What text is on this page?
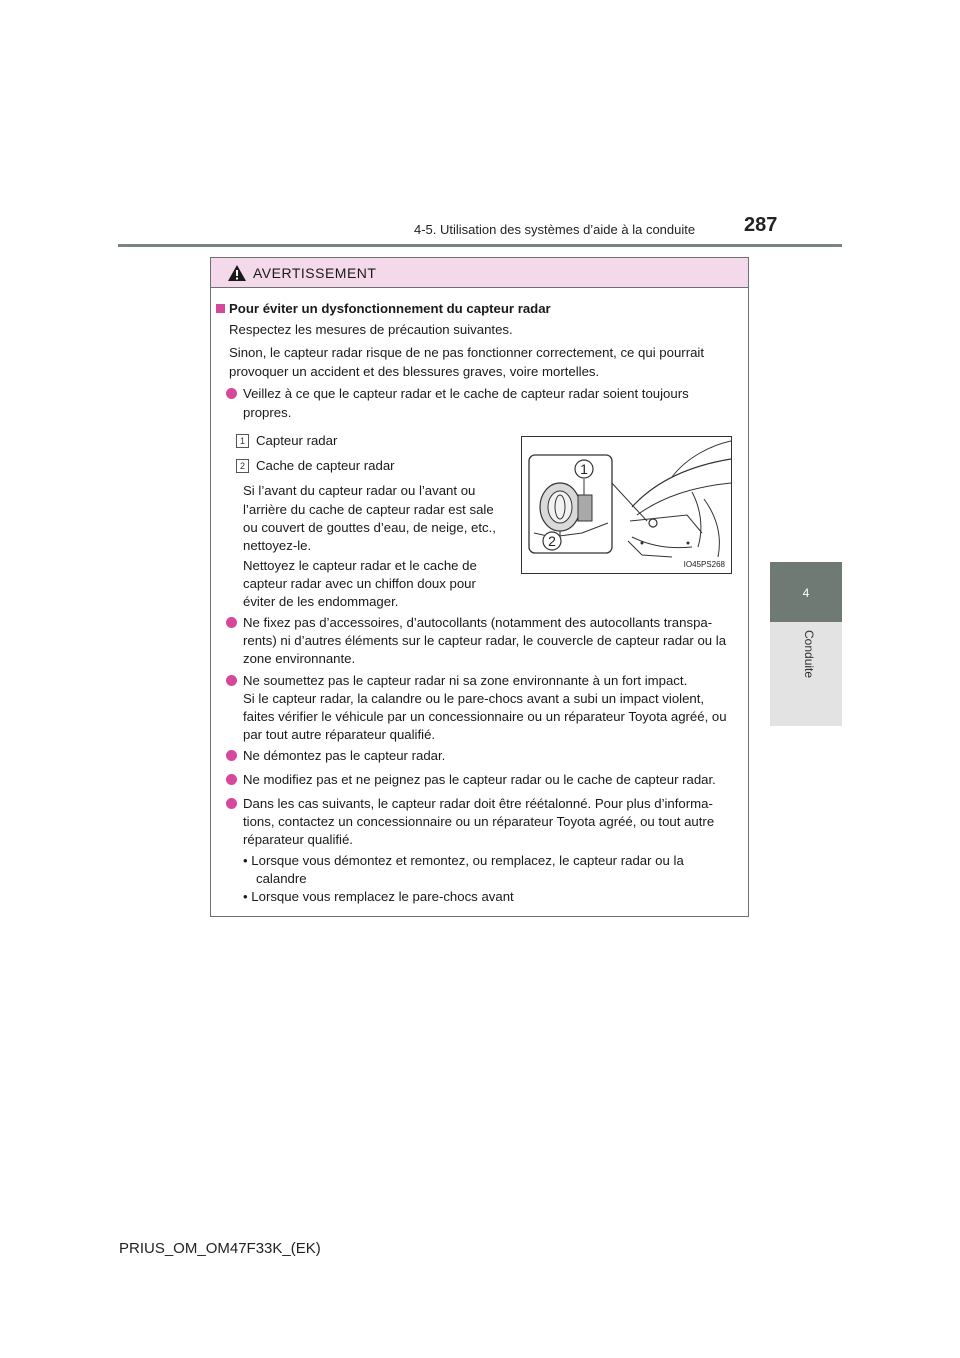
4-5. Utilisation des systèmes d’aide à la conduite 287
4
Conduite
AVERTISSEMENT
Pour éviter un dysfonctionnement du capteur radar
Respectez les mesures de précaution suivantes.
Sinon, le capteur radar risque de ne pas fonctionner correctement, ce qui pourrait
provoquer un accident et des blessures graves, voire mortelles.
Veillez à ce que le capteur radar et le cache de capteur radar soient toujours
propres.
1 Capteur radar
2 Cache de capteur radar
Si l’avant du capteur radar ou l’avant ou
l’arrière du cache de capteur radar est sale
ou couvert de gouttes d’eau, de neige, etc.,
nettoyez-le.
Nettoyez le capteur radar et le cache de
capteur radar avec un chiffon doux pour
éviter de les endommager.
1
2
IO45PS268
Ne fixez pas d’accessoires, d’autocollants (notamment des autocollants transpa-
rents) ni d’autres éléments sur le capteur radar, le couvercle de capteur radar ou la
zone environnante.
Ne soumettez pas le capteur radar ni sa zone environnante à un fort impact.
Si le capteur radar, la calandre ou le pare-chocs avant a subi un impact violent,
faites vérifier le véhicule par un concessionnaire ou un réparateur Toyota agréé, ou
par tout autre réparateur qualifié.
Ne démontez pas le capteur radar.
Ne modifiez pas et ne peignez pas le capteur radar ou le cache de capteur radar.
Dans les cas suivants, le capteur radar doit être réétalonné. Pour plus d’informa-
tions, contactez un concessionnaire ou un réparateur Toyota agréé, ou tout autre
réparateur qualifié.
• Lorsque vous démontez et remontez, ou remplacez, le capteur radar ou la
calandre
• Lorsque vous remplacez le pare-chocs avant
PRIUS_OM_OM47F33K_(EK)
